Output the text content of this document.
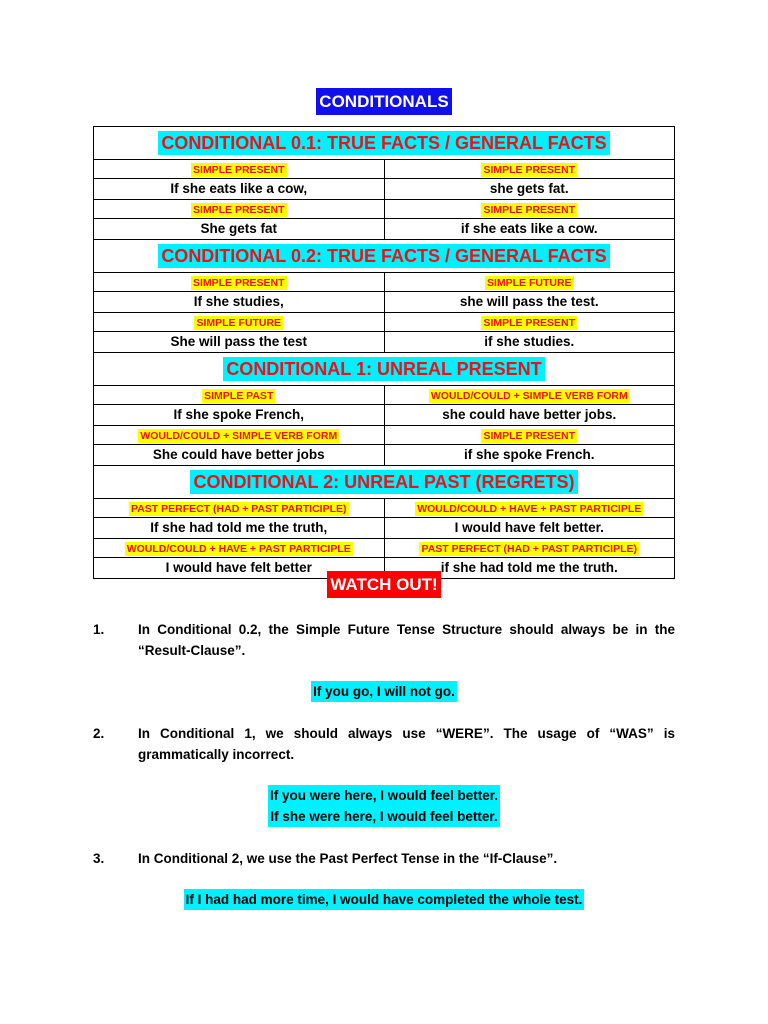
CONDITIONALS
CONDITIONAL 0.1: TRUE FACTS / GENERAL FACTS	
SIMPLE PRESENT	SIMPLE PRESENT
If she eats like a cow,	she gets fat.
SIMPLE PRESENT	SIMPLE PRESENT
She gets fat	if she eats like a cow.
CONDITIONAL 0.2: TRUE FACTS / GENERAL FACTS	
SIMPLE PRESENT	SIMPLE FUTURE
If she studies,	she will pass the test.
SIMPLE FUTURE	SIMPLE PRESENT
She will pass the test	if she studies.
CONDITIONAL 1: UNREAL PRESENT	
SIMPLE PAST	WOULD/COULD + SIMPLE VERB FORM
If she spoke French,	she could have better jobs.
WOULD/COULD + SIMPLE VERB FORM	SIMPLE PRESENT
She could have better jobs	if she spoke French.
CONDITIONAL 2: UNREAL PAST (REGRETS)	
PAST PERFECT (HAD + PAST PARTICIPLE)	WOULD/COULD + HAVE + PAST PARTICIPLE
If she had told me the truth,	I would have felt better.
WOULD/COULD + HAVE + PAST PARTICIPLE	PAST PERFECT (HAD + PAST PARTICIPLE)
I would have felt better	if she had told me the truth.
WATCH OUT!
1. In Conditional 0.2, the Simple Future Tense Structure should always be in the “Result-Clause”.
If you go, I will not go.
2. In Conditional 1, we should always use “WERE”. The usage of “WAS” is grammatically incorrect.
If you were here, I would feel better.
If she were here, I would feel better.
3. In Conditional 2, we use the Past Perfect Tense in the “If-Clause”.
If I had had more time, I would have completed the whole test.
